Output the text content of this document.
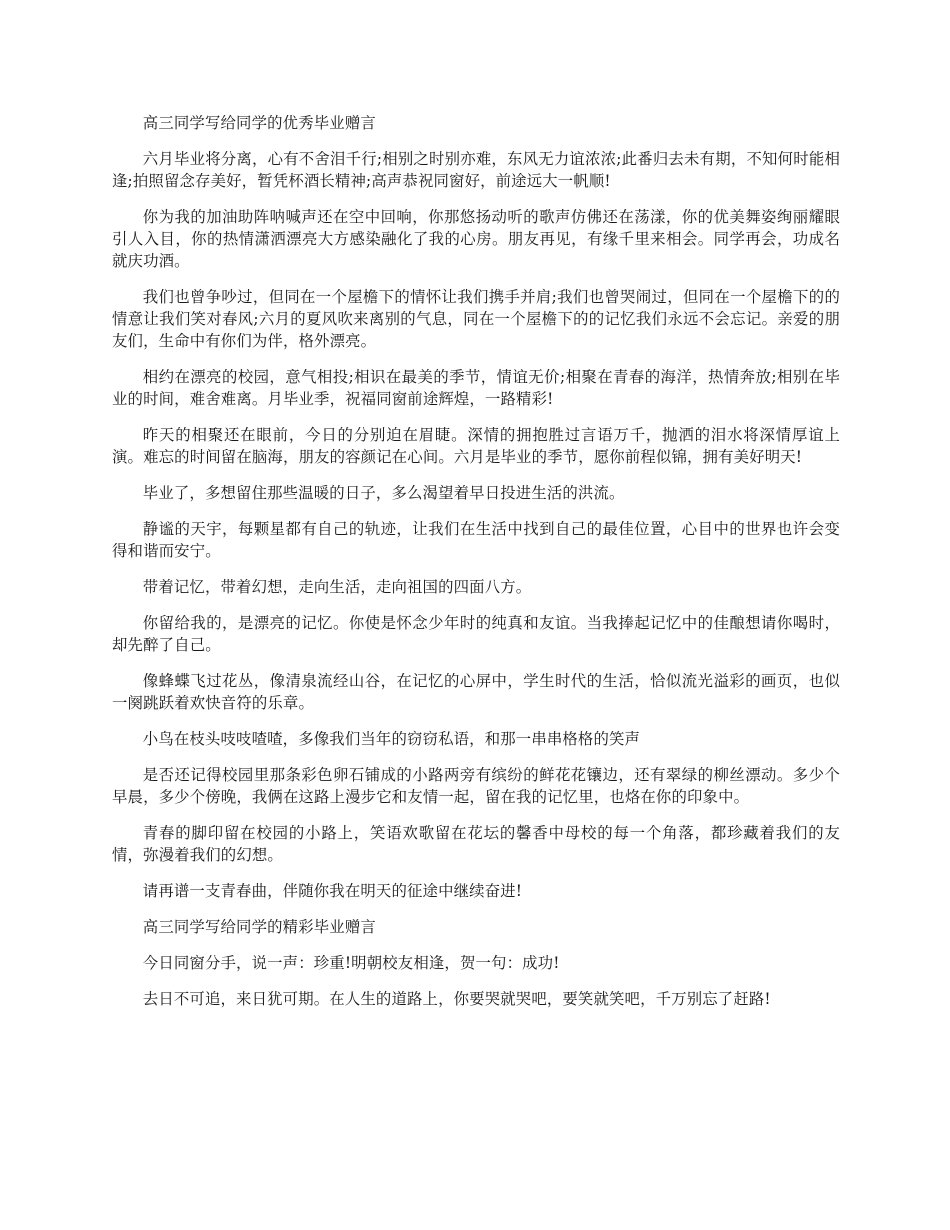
高三同学写给同学的优秀毕业赠言

六月毕业将分离，心有不舍泪千行;相别之时别亦难，东风无力谊浓浓;此番归去未有期，不知何时能相逢;拍照留念存美好，暂凭杯酒长精神;高声恭祝同窗好，前途远大一帆顺!

你为我的加油助阵呐喊声还在空中回响，你那悠扬动听的歌声仿佛还在荡漾，你的优美舞姿绚丽耀眼引人入目，你的热情潇洒漂亮大方感染融化了我的心房。朋友再见，有缘千里来相会。同学再会，功成名就庆功酒。

我们也曾争吵过，但同在一个屋檐下的情怀让我们携手并肩;我们也曾哭闹过，但同在一个屋檐下的的情意让我们笑对春风;六月的夏风吹来离别的气息，同在一个屋檐下的的记忆我们永远不会忘记。亲爱的朋友们，生命中有你们为伴，格外漂亮。

相约在漂亮的校园，意气相投;相识在最美的季节，情谊无价;相聚在青春的海洋，热情奔放;相别在毕业的时间，难舍难离。月毕业季，祝福同窗前途辉煌，一路精彩!

昨天的相聚还在眼前，今日的分别迫在眉睫。深情的拥抱胜过言语万千，抛洒的泪水将深情厚谊上演。难忘的时间留在脑海，朋友的容颜记在心间。六月是毕业的季节，愿你前程似锦，拥有美好明天!

毕业了，多想留住那些温暖的日子，多么渴望着早日投进生活的洪流。

静谧的天宇，每颗星都有自己的轨迹，让我们在生活中找到自己的最佳位置，心目中的世界也许会变得和谐而安宁。

带着记忆，带着幻想，走向生活，走向祖国的四面八方。

你留给我的，是漂亮的记忆。你使是怀念少年时的纯真和友谊。当我捧起记忆中的佳酿想请你喝时，却先醉了自己。

像蜂蝶飞过花丛，像清泉流经山谷，在记忆的心屏中，学生时代的生活，恰似流光溢彩的画页，也似一阕跳跃着欢快音符的乐章。

小鸟在枝头吱吱喳喳，多像我们当年的窃窃私语，和那一串串格格的笑声

是否还记得校园里那条彩色卵石铺成的小路两旁有缤纷的鲜花花镶边，还有翠绿的柳丝漂动。多少个早晨，多少个傍晚，我俩在这路上漫步它和友情一起，留在我的记忆里，也烙在你的印象中。

青春的脚印留在校园的小路上，笑语欢歌留在花坛的馨香中母校的每一个角落，都珍藏着我们的友情，弥漫着我们的幻想。

请再谱一支青春曲，伴随你我在明天的征途中继续奋进!

高三同学写给同学的精彩毕业赠言

今日同窗分手，说一声：珍重!明朝校友相逢，贺一句：成功!

去日不可追，来日犹可期。在人生的道路上，你要哭就哭吧，要笑就笑吧，千万别忘了赶路!
